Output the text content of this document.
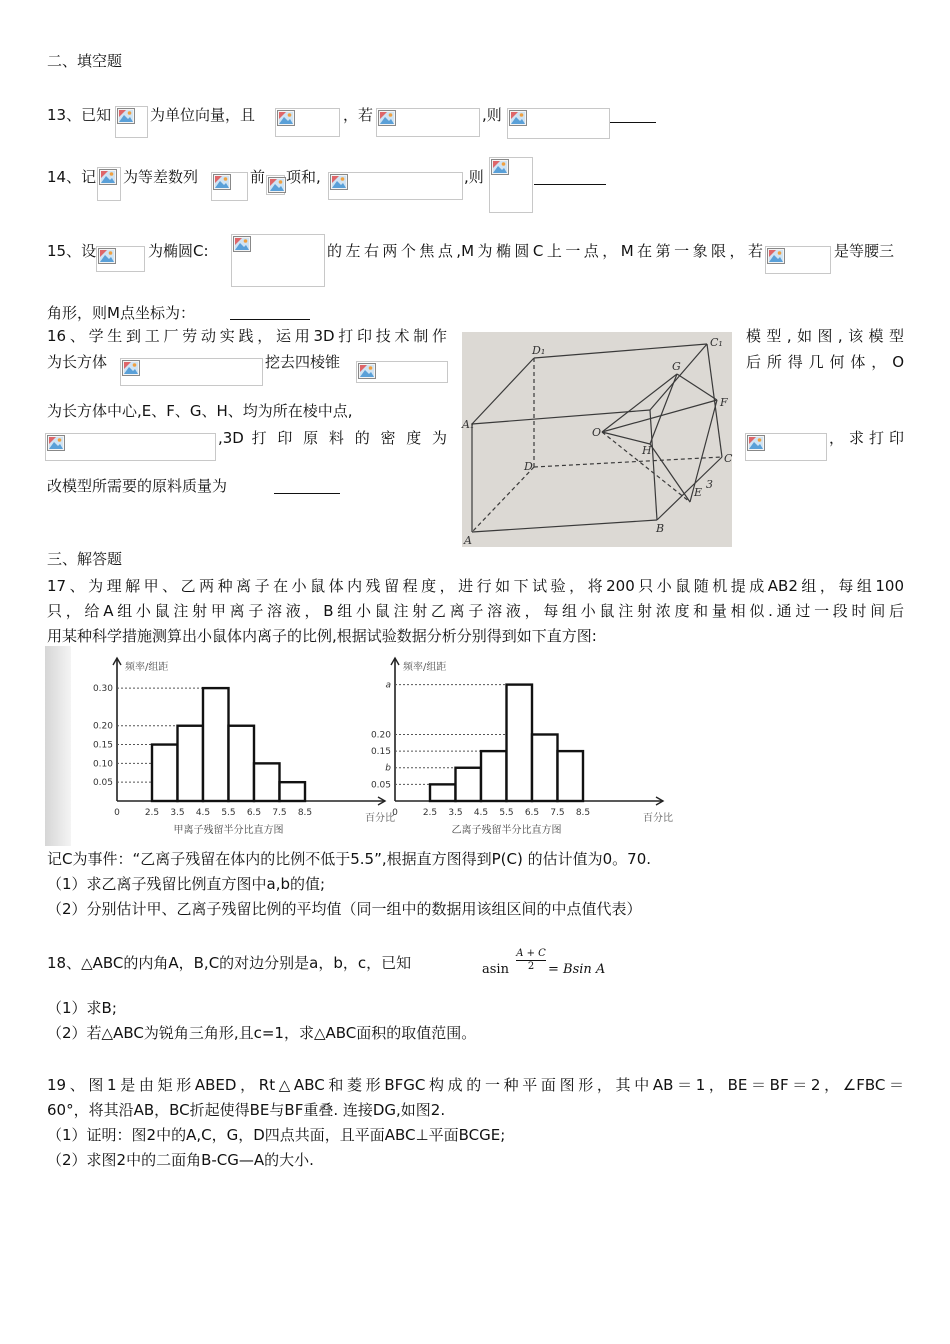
二、填空题
13、已知	为单位向量，且	，若	,则
14、记 为等差数列	前 项和,	,则
15、设	为椭圆C:	的左右两个焦点,M为椭圆C上一点，M在第一象限，若	是等腰三
角形，则M点坐标为：
16、学生到工厂劳动实践，运用3D打印技术制作	模型,如图,该模型
为长方体	挖去四棱锥	后所得几何体，O
为长方体中心,E、F、G、H、均为所在棱中点,
,3D 打 印 原 料 的 密 度 为	，求打印
改模型所需要的原料质量为
D₁
C₁
A₁
G
F
O
H
D
C
E
B
A
3
三、解答题
17、为理解甲、乙两种离子在小鼠体内残留程度，进行如下试验，将200只小鼠随机提成AB2组，每组100
只，给A组小鼠注射甲离子溶液，B组小鼠注射乙离子溶液，每组小鼠注射浓度和量相似.通过一段时间后
用某种科学措施测算出小鼠体内离子的比例,根据试验数据分析分别得到如下直方图:
频率/组距
百分比
0.30
0.20
0.15
0.10
0.05
0	2.5 3.5 4.5 5.5 6.5 7.5 8.5
甲离子残留半分比直方图
频率/组距
百分比
a
0.20
0.15
b
0.05
0	2.5 3.5 4.5 5.5 6.5 7.5 8.5
乙离子残留半分比直方图
记C为事件：“乙离子残留在体内的比例不低于5.5”,根据直方图得到P(C) 的估计值为0。70.
（1）求乙离子残留比例直方图中a,b的值;
（2）分别估计甲、乙离子残留比例的平均值（同一组中的数据用该组区间的中点值代表）
18、△ABC的内角A，B,C的对边分别是a，b，c，已知	asin
A + C
2	= Bsin A
（1）求B;
（2）若△ABC为锐角三角形,且c=1，求△ABC面积的取值范围。
19、图1是由矩形ABED，Rt△ABC和菱形BFGC构成的一种平面图形，其中AB＝1，BE＝BF＝2，∠FBC＝
60°，将其沿AB，BC折起使得BE与BF重叠. 连接DG,如图2.
（1）证明：图2中的A,C，G，D四点共面，且平面ABC⊥平面BCGE;
（2）求图2中的二面角B-CG—A的大小.
